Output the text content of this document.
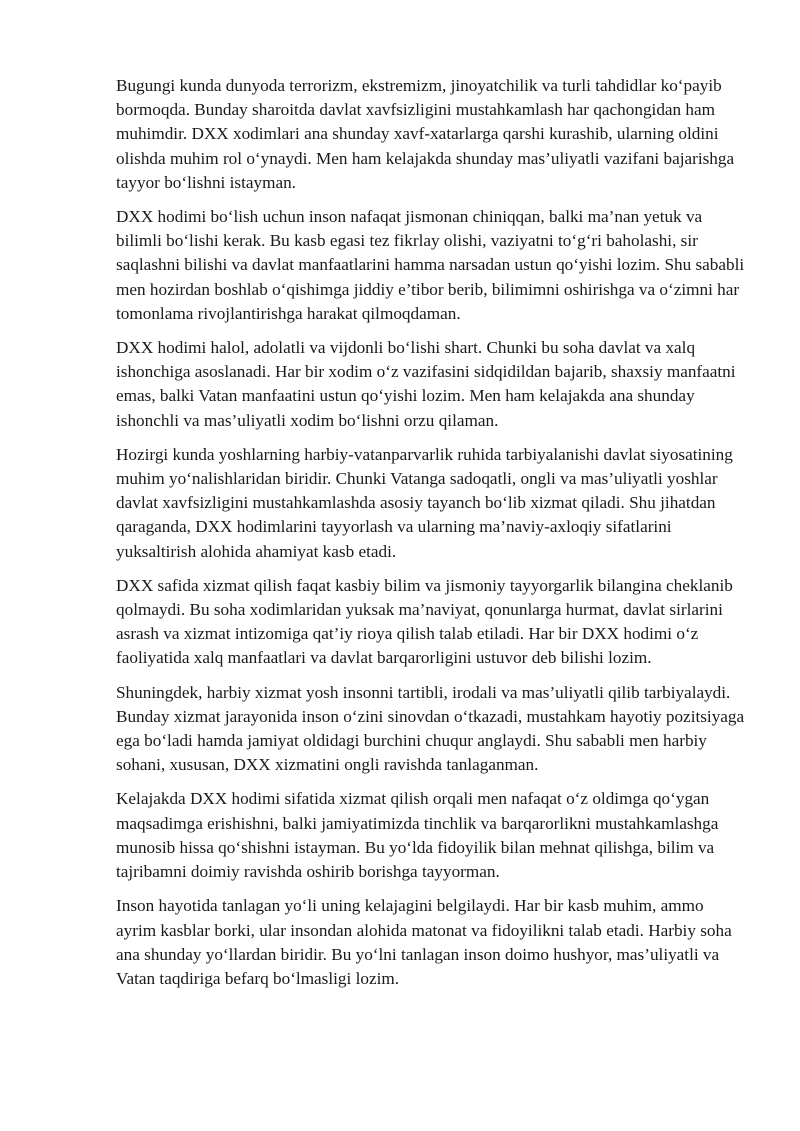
Bugungi kunda dunyoda terrorizm, ekstremizm, jinoyatchilik va turli tahdidlar koʻpayib bormoqda. Bunday sharoitda davlat xavfsizligini mustahkamlash har qachongidan ham muhimdir. DXX xodimlari ana shunday xavf-xatarlarga qarshi kurashib, ularning oldini olishda muhim rol oʻynaydi. Men ham kelajakda shunday mas’uliyatli vazifani bajarishga tayyor boʻlishni istayman.

DXX hodimi boʻlish uchun inson nafaqat jismonan chiniqqan, balki ma’nan yetuk va bilimli boʻlishi kerak. Bu kasb egasi tez fikrlay olishi, vaziyatni toʻgʻri baholashi, sir saqlashni bilishi va davlat manfaatlarini hamma narsadan ustun qoʻyishi lozim. Shu sababli men hozirdan boshlab oʻqishimga jiddiy e’tibor berib, bilimimni oshirishga va oʻzimni har tomonlama rivojlantirishga harakat qilmoqdaman.

DXX hodimi halol, adolatli va vijdonli boʻlishi shart. Chunki bu soha davlat va xalq ishonchiga asoslanadi. Har bir xodim oʻz vazifasini sidqidildan bajarib, shaxsiy manfaatni emas, balki Vatan manfaatini ustun qoʻyishi lozim. Men ham kelajakda ana shunday ishonchli va mas’uliyatli xodim boʻlishni orzu qilaman.

Hozirgi kunda yoshlarning harbiy-vatanparvarlik ruhida tarbiyalanishi davlat siyosatining muhim yoʻnalishlaridan biridir. Chunki Vatanga sadoqatli, ongli va mas’uliyatli yoshlar davlat xavfsizligini mustahkamlashda asosiy tayanch boʻlib xizmat qiladi. Shu jihatdan qaraganda, DXX hodimlarini tayyorlash va ularning ma’naviy-axloqiy sifatlarini yuksaltirish alohida ahamiyat kasb etadi.

DXX safida xizmat qilish faqat kasbiy bilim va jismoniy tayyorgarlik bilangina cheklanib qolmaydi. Bu soha xodimlaridan yuksak ma’naviyat, qonunlarga hurmat, davlat sirlarini asrash va xizmat intizomiga qat’iy rioya qilish talab etiladi. Har bir DXX hodimi oʻz faoliyatida xalq manfaatlari va davlat barqarorligini ustuvor deb bilishi lozim.

Shuningdek, harbiy xizmat yosh insonni tartibli, irodali va mas’uliyatli qilib tarbiyalaydi. Bunday xizmat jarayonida inson oʻzini sinovdan oʻtkazadi, mustahkam hayotiy pozitsiyaga ega boʻladi hamda jamiyat oldidagi burchini chuqur anglaydi. Shu sababli men harbiy sohani, xususan, DXX xizmatini ongli ravishda tanlaganman.

Kelajakda DXX hodimi sifatida xizmat qilish orqali men nafaqat oʻz oldimga qoʻygan maqsadimga erishishni, balki jamiyatimizda tinchlik va barqarorlikni mustahkamlashga munosib hissa qoʻshishni istayman. Bu yoʻlda fidoyilik bilan mehnat qilishga, bilim va tajribamni doimiy ravishda oshirib borishga tayyorman.

Inson hayotida tanlagan yoʻli uning kelajagini belgilaydi. Har bir kasb muhim, ammo ayrim kasblar borki, ular insondan alohida matonat va fidoyilikni talab etadi. Harbiy soha ana shunday yoʻllardan biridir. Bu yoʻlni tanlagan inson doimo hushyor, mas’uliyatli va Vatan taqdiriga befarq boʻlmasligi lozim.
